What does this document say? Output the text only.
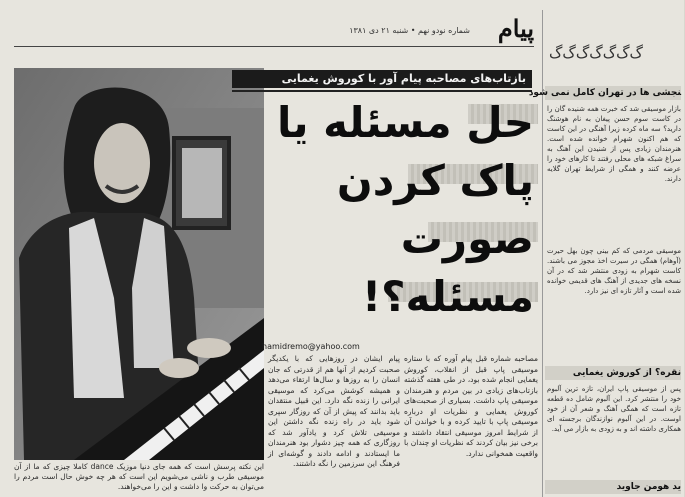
پیام
شماره نودو نهم • شنبه ۲۱ دی ۱۳۸۱
بازتاب‌های مصاحبه پیام آور با کوروش یغمایی
حل مسئله یا
پاک کردن
صورت
مسئله؟!
hamidremo@yahoo.com

پیام ایشان در روزهایی که با یکدیگر صحبت کردیم از آنها هم از قدرتی که جان انسان را به روزها و سال‌ها ارتقاء می‌دهد و همیشه کوشش می‌کرد که موسیقی ایرانی را زنده نگه دارد. این قبیل منتقدان باید بدانند که پیش از آن که روزگار سپری شود باید در راه زنده نگه داشتن این موسیقی تلاش کرد و یادآور شد که روزگاری که همه چیز دشوار بود هنرمندان ما ایستادند و ادامه دادند و گوشه‌ای از فرهنگ این سرزمین را نگه داشتند.

مصاحبه شماره قبل پیام آوره که با ستاره موسیقی پاپ قبل از انقلاب، کوروش یغمایی انجام شده بود، در طی هفته گذشته بازتاب‌های زیادی در بین مردم و هنرمندان موسیقی پاپ داشت. بسیاری از صحبت‌های کوروش یغمایی و نظریات او درباره موسیقی پاپ با تایید کرده و با خواندن آن از شرایط امروز موسیقی انتقاد داشتند و برخی نیز بیان کردند که نظریات او چندان با واقعیت همخوانی ندارد.

این نکته پرسش است که همه جای دنیا موزیک dance کاملا چیزی که ما از آن موسیقی طرب و ناشی می‌شویم این است که هر چه خوش حال است مردم را می‌توان به حرکت وا داشت و این را می‌خواهند.
ﮒﮒﮒﮒﮒﮒﮒ
ﻨﺠﺸﯽ ﻫﺎ در ﺗﻬﺮان ﮐﺎﻣﻞ ﻧﻤﯽ ﺷﻮد

ﺑﺎزار ﻣﻮﺳﯿﻘﯽ ﺷﺪ ﮐﻪ ﺧﺒﺮت ﻫﻤﻪ ﺷﻨﯿﺪه ﮔﺎن را در ﮐﺎﺳﺖ ﺳﻮم ﺣﺴﻦ ﭘﯿﻐﺎن ﺑﻪ ﻧﺎم ﻫﻮﺷﻨﮓ دارﯾﺪ؟ ﺳﻪ ﻣﺎه ﮐﺮده زﯾﺮا آﻫﻨﮕﯽ در اﯾﻦ ﮐﺎﺳﺖ ﮐﻪ ﻫﻢ اﮐﻨﻮن ﺷﻬﺮام ﺧﻮاﻧﺪه ﺷﺪه اﺳﺖ. ﻫﻨﺮﻣﻨﺪان زﯾﺎدی ﭘﺲ از ﺷﻨﯿﺪن اﯾﻦ آﻫﻨﮓ ﺑﻪ ﺳﺮاغ ﺷﺒﮑﻪ ﻫﺎی ﻣﺤﻠﯽ رﻓﺘﻨﺪ ﺗﺎ ﮐﺎرﻫﺎی ﺧﻮد را ﻋﺮﺿﻪ ﮐﻨﻨﺪ و ﻫﻤﮕﯽ از ﺷﺮاﯾﻂ ﺗﻬﺮان ﮔﻼﯾﻪ دارﻧﺪ.

ﻣﻮﺳﯿﻘﯽ ﻣﺮدﻣﯽ ﮐﻪ ﮐﻢ ﺑﯿﻨﯽ ﭼﻮن ﺑﻬﻞ ﺣﯿﺮت (آوﻫﺎم) ﻫﻤﮕﯽ در ﺳﯿﺮت اﺧﺬ ﻣﺠﻮز ﻣﯽ ﺑﺎﺷﻨﺪ. ﮐﺎﺳﺖ ﺷﻬﺮام ﺑﻪ زودی ﻣﻨﺘﺸﺮ ﺷﺪ ﮐﻪ در آن ﻧﺴﺨﻪ ﻫﺎی ﺟﺪﯾﺪی از آﻫﻨﮓ ﻫﺎی ﻗﺪﯾﻤﯽ ﺧﻮاﻧﺪه ﺷﺪه اﺳﺖ و آﺛﺎر ﺗﺎزه ای ﻧﯿﺰ دارد.

ﻧﻘﺮه؟ از ﮐﻮروش ﯾﻐﻤﺎﯾﯽ

ﭘﺲ از ﻣﻮﺳﯿﻘﯽ ﭘﺎپ اﯾﺮان، ﺗﺎزه ﺗﺮﯾﻦ آﻟﺒﻮم ﺧﻮد را ﻣﻨﺘﺸﺮ ﮐﺮد. اﯾﻦ آﻟﺒﻮم ﺷﺎﻣﻞ ده ﻗﻄﻌﻪ ﺗﺎزه اﺳﺖ ﮐﻪ ﻫﻤﮕﯽ آﻫﻨﮓ و ﺷﻌﺮ آن از ﺧﻮد اوﺳﺖ. در اﯾﻦ آﻟﺒﻮم ﻧﻮازﻧﺪﮔﺎن ﺑﺮﺟﺴﺘﻪ ای ﻫﻤﮑﺎری داﺷﺘﻪ اﻧﺪ و ﺑﻪ زودی ﺑﻪ ﺑﺎزار ﻣﯽ آﯾﺪ.

ﯾﺪ ﻫﻮﻣﻦ ﺟﺎوﯾﺪ
